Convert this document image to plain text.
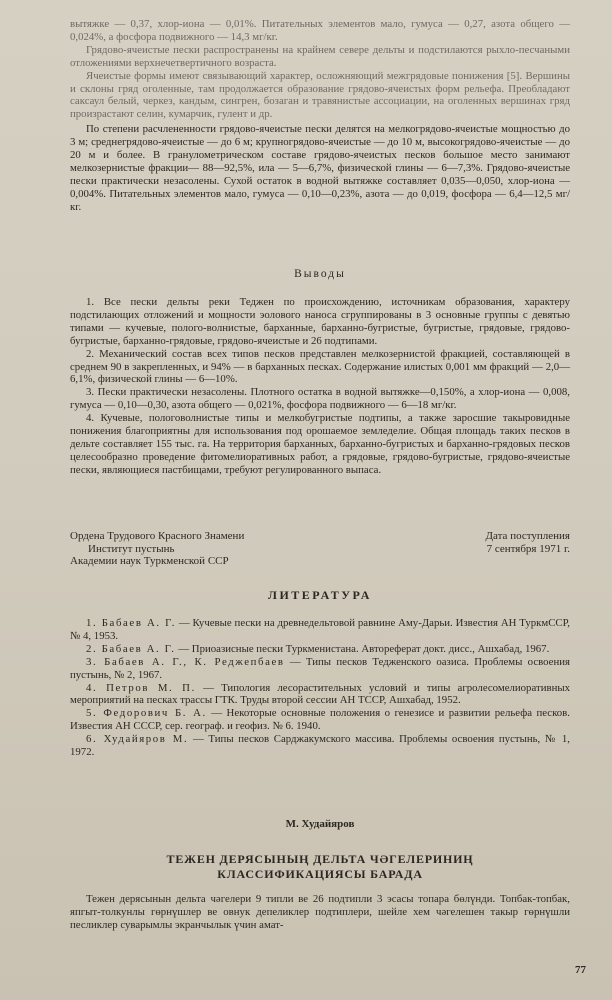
вытяжке — 0,37, хлор-иона — 0,01%. Питательных элементов мало, гумуса — 0,27, азота общего — 0,024%, а фосфора подвижного — 14,3 мг/кг.

Грядово-ячеистые пески распространены на крайнем севере дельты и подстилаются рыхло-песчаными отложениями верхнечетвертичного возраста.

Ячеистые формы имеют связывающий характер, осложняющий межгрядовые понижения [5]. Вершины и склоны гряд оголенные, там продолжается образование грядово-ячеистых форм рельефа. Преобладают саксаул белый, черкез, кандым, сингрен, бозаган и травянистые ассоциации, на оголенных вершинах гряд произрастают селин, кумарчик, гулент и др.

По степени расчлененности грядово-ячеистые пески делятся на мелкогрядово-ячеистые мощностью до 3 м; среднегрядово-ячеистые — до 6 м; крупногрядово-ячеистые — до 10 м, высокогрядово-ячеистые — до 20 м и более. В гранулометрическом составе грядово-ячеистых песков большое место занимают мелкозернистые фракции— 88—92,5%, ила — 5—6,7%, физической глины — 6—7,3%. Грядово-ячеистые пески практически незасолены. Сухой остаток в водной вытяжке составляет 0,035—0,050, хлор-иона — 0,004%. Питательных элементов мало, гумуса — 0,10—0,23%, азота — до 0,019, фосфора — 6,4—12,5 мг/кг.

Выводы

1. Все пески дельты реки Теджен по происхождению, источникам образования, характеру подстилающих отложений и мощности эолового наноса сгруппированы в 3 основные группы с девятью типами — кучевые, полого-волнистые, барханные, барханно-бугристые, бугристые, грядовые, грядово-бугристые, барханно-грядовые, грядово-ячеистые и 26 подтипами.

2. Механический состав всех типов песков представлен мелкозернистой фракцией, составляющей в среднем 90 в закрепленных, и 94% — в барханных песках. Содержание илистых 0,001 мм фракций — 2,0—6,1%, физической глины — 6—10%.

3. Пески практически незасолены. Плотного остатка в водной вытяжке—0,150%, а хлор-иона — 0,008, гумуса — 0,10—0,30, азота общего — 0,021%, фосфора подвижного — 6—18 мг/кг.

4. Кучевые, пологоволнистые типы и мелкобугристые подтипы, а также заросшие такыровидные понижения благоприятны для использования под орошаемое земледелие. Общая площадь таких песков в дельте составляет 155 тыс. га. На территория барханных, барханно-бугристых и барханно-грядовых песков целесообразно проведение фитомелиоративных работ, а грядовые, грядово-бугристые, грядово-ячеистые пески, являющиеся пастбищами, требуют регулированного выпаса.

Ордена Трудового Красного Знамени
Институт пустынь
Академии наук Туркменской ССР
Дата поступления
7 сентября 1971 г.
ЛИТЕРАТУРА

1. Бабаев А. Г. — Кучевые пески на древнедельтовой равнине Аму-Дарьи. Известия АН ТуркмССР, № 4, 1953.

2. Бабаев А. Г. — Приоазисные пески Туркменистана. Автореферат докт. дисс., Ашхабад, 1967.

3. Бабаев А. Г., К. Реджепбаев — Типы песков Тедженского оазиса. Проблемы освоения пустынь, № 2, 1967.

4. Петров М. П. — Типология лесорастительных условий и типы агролесомелиоративных мероприятий на песках трассы ГТК. Труды второй сессии АН ТССР, Ашхабад, 1952.

5. Федорович Б. А. — Некоторые основные положения о генезисе и развитии рельефа песков. Известия АН СССР, сер. географ. и геофиз. № 6. 1940.

6. Худайяров М. — Типы песков Сарджакумского массива. Проблемы освоения пустынь, № 1, 1972.

М. Худайяров
ТЕЖЕН ДЕРЯСЫНЫҢ ДЕЛЬТА ЧӘГЕЛЕРИНИҢ
КЛАССИФИКАЦИЯСЫ БАРАДА

Тежен дерясынын дельта чәгелери 9 типли ве 26 подтипли 3 эсасы топара бөлүнди. Топбак-топбак, япгыт-толкунлы гөрнүшлер ве овнук депеликлер подтиплери, шейле хем чәгелешен такыр гөрнүшли песликлер суварымлы экранчылык үчин амат-

77
